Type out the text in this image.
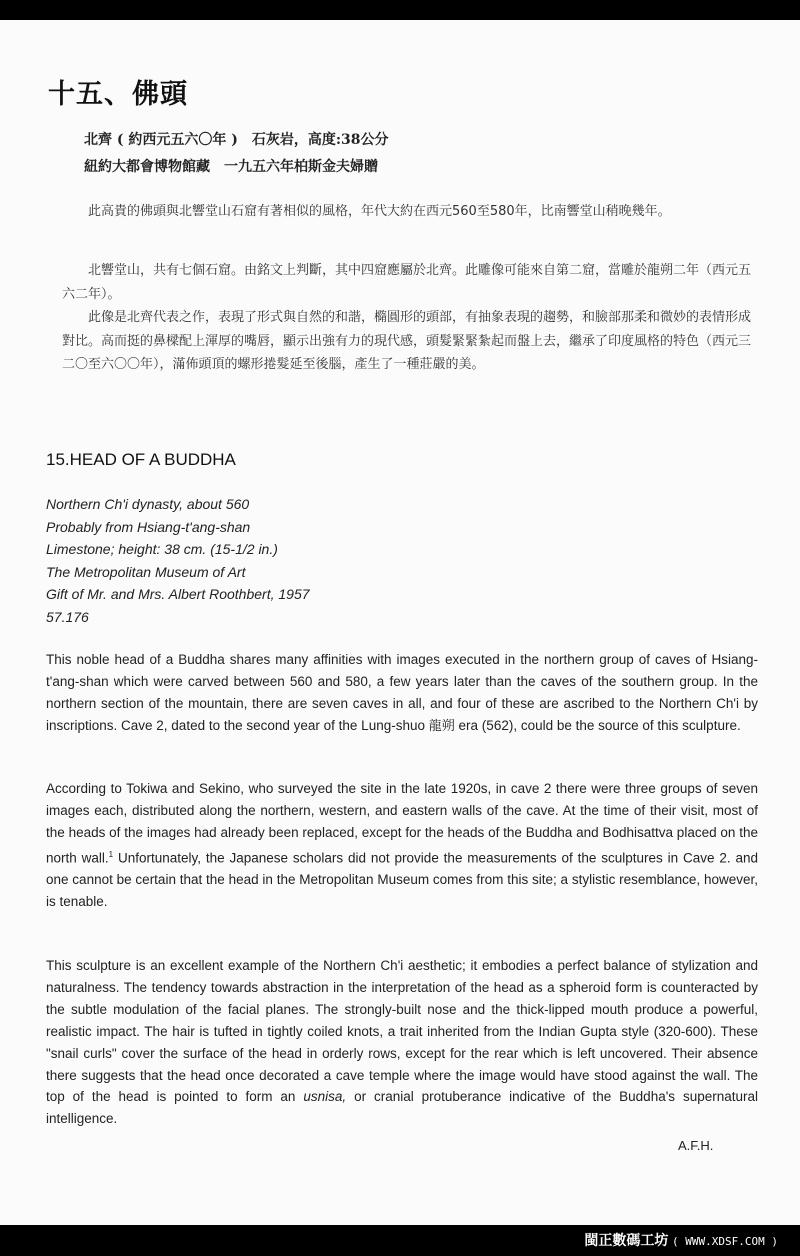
十五、佛頭
北齊 ( 約西元五六〇年 )　石灰岩，高度:38公分
紐約大都會博物館藏　一九五六年柏斯金夫婦贈

此高貴的佛頭與北響堂山石窟有著相似的風格，年代大約在西元560至580年，比南響堂山稍晚幾年。

北響堂山，共有七個石窟。由銘文上判斷，其中四窟應屬於北齊。此雕像可能來自第二窟，當雕於龍朔二年（西元五六二年）。

此像是北齊代表之作，表現了形式與自然的和諧，橢圓形的頭部，有抽象表現的趨勢，和臉部那柔和微妙的表情形成對比。高而挺的鼻樑配上渾厚的嘴唇，顯示出強有力的現代感，頭髮緊緊紮起而盤上去，繼承了印度風格的特色（西元三二〇至六〇〇年），滿佈頭頂的螺形捲髮延至後腦，產生了一種莊嚴的美。

15.HEAD OF A BUDDHA
Northern Ch'i dynasty, about 560
Probably from Hsiang-t'ang-shan
Limestone; height: 38 cm. (15-1/2 in.)
The Metropolitan Museum of Art
Gift of Mr. and Mrs. Albert Roothbert, 1957
57.176

This noble head of a Buddha shares many affinities with images executed in the northern group of caves of Hsiang-t'ang-shan which were carved between 560 and 580, a few years later than the caves of the southern group. In the northern section of the mountain, there are seven caves in all, and four of these are ascribed to the Northern Ch'i by inscriptions. Cave 2, dated to the second year of the Lung-shuo 龍朔 era (562), could be the source of this sculpture.

According to Tokiwa and Sekino, who surveyed the site in the late 1920s, in cave 2 there were three groups of seven images each, distributed along the northern, western, and eastern walls of the cave. At the time of their visit, most of the heads of the images had already been replaced, except for the heads of the Buddha and Bodhisattva placed on the north wall.$^1$ Unfortunately, the Japanese scholars did not provide the measurements of the sculptures in Cave 2. and one cannot be certain that the head in the Metropolitan Museum comes from this site; a stylistic resemblance, however, is tenable.

This sculpture is an excellent example of the Northern Ch'i aesthetic; it embodies a perfect balance of stylization and naturalness. The tendency towards abstraction in the interpretation of the head as a spheroid form is counteracted by the subtle modulation of the facial planes. The strongly-built nose and the thick-lipped mouth produce a powerful, realistic impact. The hair is tufted in tightly coiled knots, a trait inherited from the Indian Gupta style (320-600). These "snail curls" cover the surface of the head in orderly rows, except for the rear which is left uncovered. Their absence there suggests that the head once decorated a cave temple where the image would have stood against the wall. The top of the head is pointed to form an usnisa, or cranial protuberance indicative of the Buddha's supernatural intelligence.

A.F.H.
閩正數碼工坊 ( WWW.XDSF.COM )
